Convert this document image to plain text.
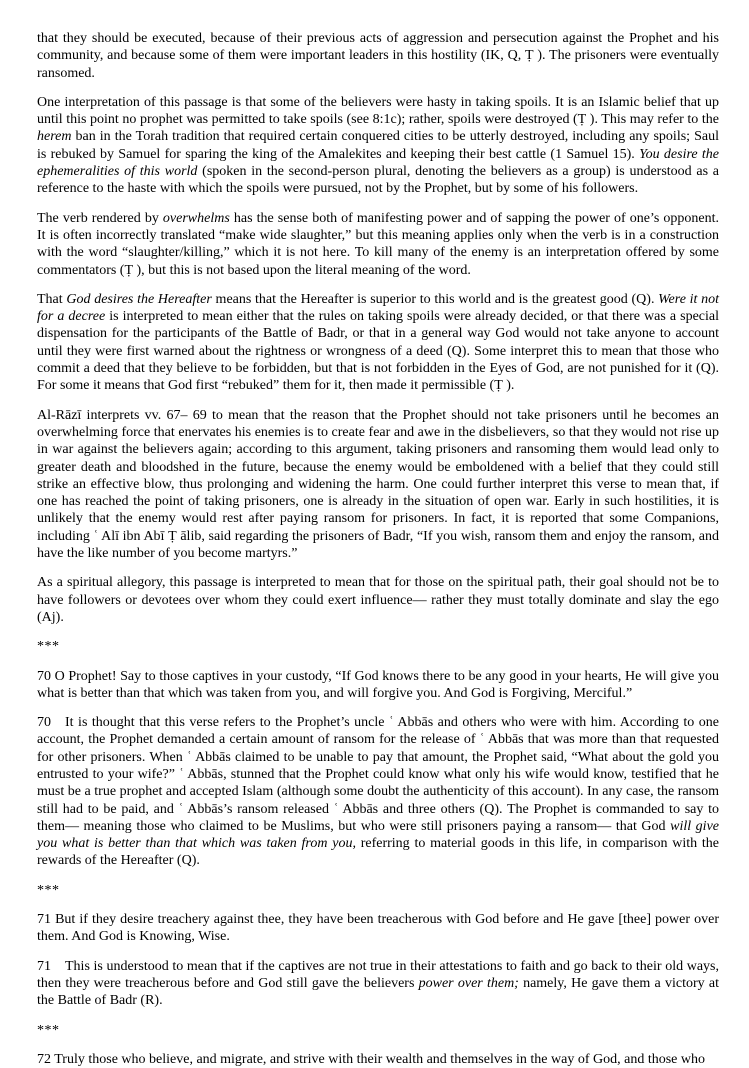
that they should be executed, because of their previous acts of aggression and persecution against the Prophet and his community, and because some of them were important leaders in this hostility (IK, Q, Ṭ ). The prisoners were eventually ransomed.

One interpretation of this passage is that some of the believers were hasty in taking spoils. It is an Islamic belief that up until this point no prophet was permitted to take spoils (see 8:1c); rather, spoils were destroyed (Ṭ ). This may refer to the herem ban in the Torah tradition that required certain conquered cities to be utterly destroyed, including any spoils; Saul is rebuked by Samuel for sparing the king of the Amalekites and keeping their best cattle (1 Samuel 15). You desire the ephemeralities of this world (spoken in the second-person plural, denoting the believers as a group) is understood as a reference to the haste with which the spoils were pursued, not by the Prophet, but by some of his followers.

The verb rendered by overwhelms has the sense both of manifesting power and of sapping the power of one’s opponent. It is often incorrectly translated “make wide slaughter,” but this meaning applies only when the verb is in a construction with the word “slaughter/killing,” which it is not here. To kill many of the enemy is an interpretation offered by some commentators (Ṭ ), but this is not based upon the literal meaning of the word.

That God desires the Hereafter means that the Hereafter is superior to this world and is the greatest good (Q). Were it not for a decree is interpreted to mean either that the rules on taking spoils were already decided, or that there was a special dispensation for the participants of the Battle of Badr, or that in a general way God would not take anyone to account until they were first warned about the rightness or wrongness of a deed (Q). Some interpret this to mean that those who commit a deed that they believe to be forbidden, but that is not forbidden in the Eyes of God, are not punished for it (Q). For some it means that God first “rebuked” them for it, then made it permissible (Ṭ ).

Al-Rāzī interprets vv. 67– 69 to mean that the reason that the Prophet should not take prisoners until he becomes an overwhelming force that enervates his enemies is to create fear and awe in the disbelievers, so that they would not rise up in war against the believers again; according to this argument, taking prisoners and ransoming them would lead only to greater death and bloodshed in the future, because the enemy would be emboldened with a belief that they could still strike an effective blow, thus prolonging and widening the harm. One could further interpret this verse to mean that, if one has reached the point of taking prisoners, one is already in the situation of open war. Early in such hostilities, it is unlikely that the enemy would rest after paying ransom for prisoners. In fact, it is reported that some Companions, including ʿ Alī ibn Abī Ṭ ālib, said regarding the prisoners of Badr, “If you wish, ransom them and enjoy the ransom, and have the like number of you become martyrs.”

As a spiritual allegory, this passage is interpreted to mean that for those on the spiritual path, their goal should not be to have followers or devotees over whom they could exert influence— rather they must totally dominate and slay the ego (Aj).

***

70 O Prophet! Say to those captives in your custody, “If God knows there to be any good in your hearts, He will give you what is better than that which was taken from you, and will forgive you. And God is Forgiving, Merciful.”

70 It is thought that this verse refers to the Prophet’s uncle ʿ Abbās and others who were with him. According to one account, the Prophet demanded a certain amount of ransom for the release of ʿ Abbās that was more than that requested for other prisoners. When ʿ Abbās claimed to be unable to pay that amount, the Prophet said, “What about the gold you entrusted to your wife?” ʿ Abbās, stunned that the Prophet could know what only his wife would know, testified that he must be a true prophet and accepted Islam (although some doubt the authenticity of this account). In any case, the ransom still had to be paid, and ʿ Abbās’s ransom released ʿ Abbās and three others (Q). The Prophet is commanded to say to them— meaning those who claimed to be Muslims, but who were still prisoners paying a ransom— that God will give you what is better than that which was taken from you, referring to material goods in this life, in comparison with the rewards of the Hereafter (Q).

***

71 But if they desire treachery against thee, they have been treacherous with God before and He gave [thee] power over them. And God is Knowing, Wise.

71 This is understood to mean that if the captives are not true in their attestations to faith and go back to their old ways, then they were treacherous before and God still gave the believers power over them; namely, He gave them a victory at the Battle of Badr (R).

***

72 Truly those who believe, and migrate, and strive with their wealth and themselves in the way of God, and those who
